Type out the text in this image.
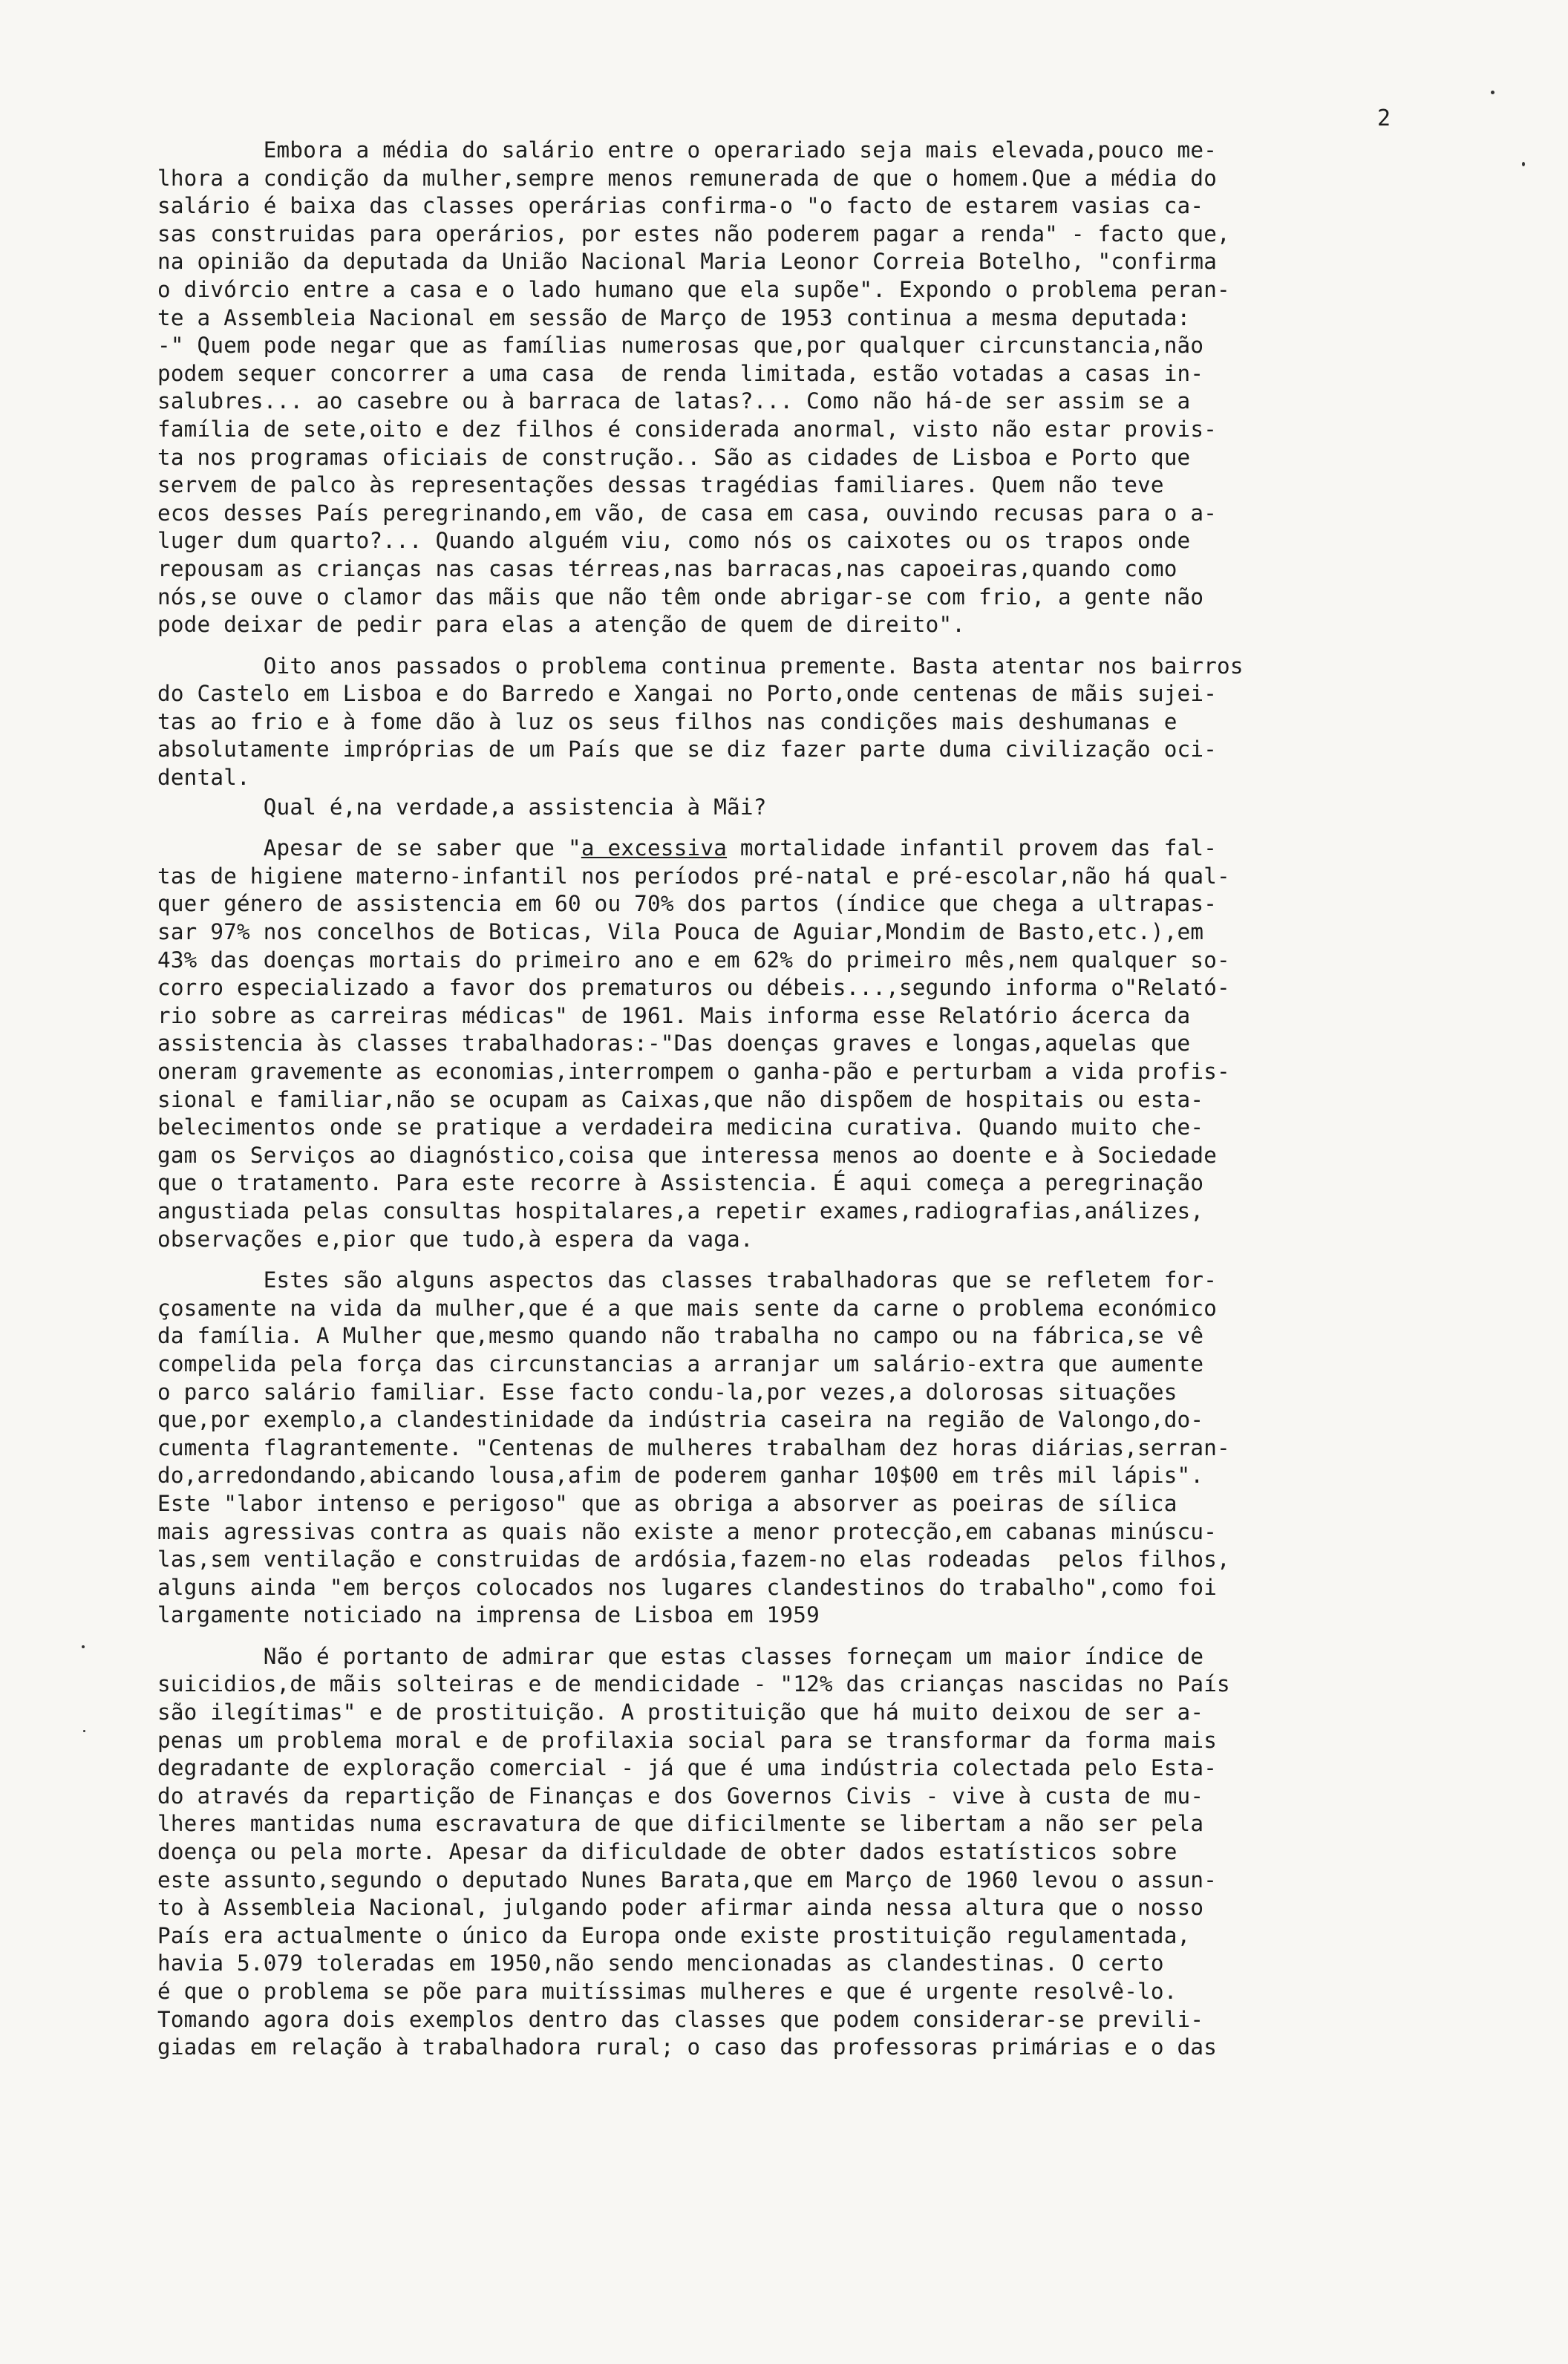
2
Embora a média do salário entre o operariado seja mais elevada,pouco me-
lhora a condição da mulher,sempre menos remunerada de que o homem.Que a média do
salário é baixa das classes operárias confirma-o "o facto de estarem vasias ca-
sas construidas para operários, por estes não poderem pagar a renda" - facto que,
na opinião da deputada da União Nacional Maria Leonor Correia Botelho, "confirma
o divórcio entre a casa e o lado humano que ela supõe". Expondo o problema peran-
te a Assembleia Nacional em sessão de Março de 1953 continua a mesma deputada:
-" Quem pode negar que as famílias numerosas que,por qualquer circunstancia,não
podem sequer concorrer a uma casa  de renda limitada, estão votadas a casas in-
salubres... ao casebre ou à barraca de latas?... Como não há-de ser assim se a
família de sete,oito e dez filhos é considerada anormal, visto não estar provis-
ta nos programas oficiais de construção.. São as cidades de Lisboa e Porto que
servem de palco às representações dessas tragédias familiares. Quem não teve
ecos desses País peregrinando,em vão, de casa em casa, ouvindo recusas para o a-
luger dum quarto?... Quando alguém viu, como nós os caixotes ou os trapos onde
repousam as crianças nas casas térreas,nas barracas,nas capoeiras,quando como
nós,se ouve o clamor das mãis que não têm onde abrigar-se com frio, a gente não
pode deixar de pedir para elas a atenção de quem de direito".
Oito anos passados o problema continua premente. Basta atentar nos bairros
do Castelo em Lisboa e do Barredo e Xangai no Porto,onde centenas de mãis sujei-
tas ao frio e à fome dão à luz os seus filhos nas condições mais deshumanas e
absolutamente impróprias de um País que se diz fazer parte duma civilização oci-
dental.
Qual é,na verdade,a assistencia à Mãi?
Apesar de se saber que "a excessiva mortalidade infantil provem das fal-
tas de higiene materno-infantil nos períodos pré-natal e pré-escolar,não há qual-
quer género de assistencia em 60 ou 70% dos partos (índice que chega a ultrapas-
sar 97% nos concelhos de Boticas, Vila Pouca de Aguiar,Mondim de Basto,etc.),em
43% das doenças mortais do primeiro ano e em 62% do primeiro mês,nem qualquer so-
corro especializado a favor dos prematuros ou débeis...,segundo informa o"Relató-
rio sobre as carreiras médicas" de 1961. Mais informa esse Relatório ácerca da
assistencia às classes trabalhadoras:-"Das doenças graves e longas,aquelas que
oneram gravemente as economias,interrompem o ganha-pão e perturbam a vida profis-
sional e familiar,não se ocupam as Caixas,que não dispõem de hospitais ou esta-
belecimentos onde se pratique a verdadeira medicina curativa. Quando muito che-
gam os Serviços ao diagnóstico,coisa que interessa menos ao doente e à Sociedade
que o tratamento. Para este recorre à Assistencia. É aqui começa a peregrinação
angustiada pelas consultas hospitalares,a repetir exames,radiografias,análizes,
observações e,pior que tudo,à espera da vaga.
Estes são alguns aspectos das classes trabalhadoras que se refletem for-
çosamente na vida da mulher,que é a que mais sente da carne o problema económico
da família. A Mulher que,mesmo quando não trabalha no campo ou na fábrica,se vê
compelida pela força das circunstancias a arranjar um salário-extra que aumente
o parco salário familiar. Esse facto condu-la,por vezes,a dolorosas situações
que,por exemplo,a clandestinidade da indústria caseira na região de Valongo,do-
cumenta flagrantemente. "Centenas de mulheres trabalham dez horas diárias,serran-
do,arredondando,abicando lousa,afim de poderem ganhar 10$00 em três mil lápis".
Este "labor intenso e perigoso" que as obriga a absorver as poeiras de sílica
mais agressivas contra as quais não existe a menor protecção,em cabanas minúscu-
las,sem ventilação e construidas de ardósia,fazem-no elas rodeadas  pelos filhos,
alguns ainda "em berços colocados nos lugares clandestinos do trabalho",como foi
largamente noticiado na imprensa de Lisboa em 1959
Não é portanto de admirar que estas classes forneçam um maior índice de
suicidios,de mãis solteiras e de mendicidade - "12% das crianças nascidas no País
são ilegítimas" e de prostituição. A prostituição que há muito deixou de ser a-
penas um problema moral e de profilaxia social para se transformar da forma mais
degradante de exploração comercial - já que é uma indústria colectada pelo Esta-
do através da repartição de Finanças e dos Governos Civis - vive à custa de mu-
lheres mantidas numa escravatura de que dificilmente se libertam a não ser pela
doença ou pela morte. Apesar da dificuldade de obter dados estatísticos sobre
este assunto,segundo o deputado Nunes Barata,que em Março de 1960 levou o assun-
to à Assembleia Nacional, julgando poder afirmar ainda nessa altura que o nosso
País era actualmente o único da Europa onde existe prostituição regulamentada,
havia 5.079 toleradas em 1950,não sendo mencionadas as clandestinas. O certo
é que o problema se põe para muitíssimas mulheres e que é urgente resolvê-lo.
Tomando agora dois exemplos dentro das classes que podem considerar-se previli-
giadas em relação à trabalhadora rural; o caso das professoras primárias e o das
